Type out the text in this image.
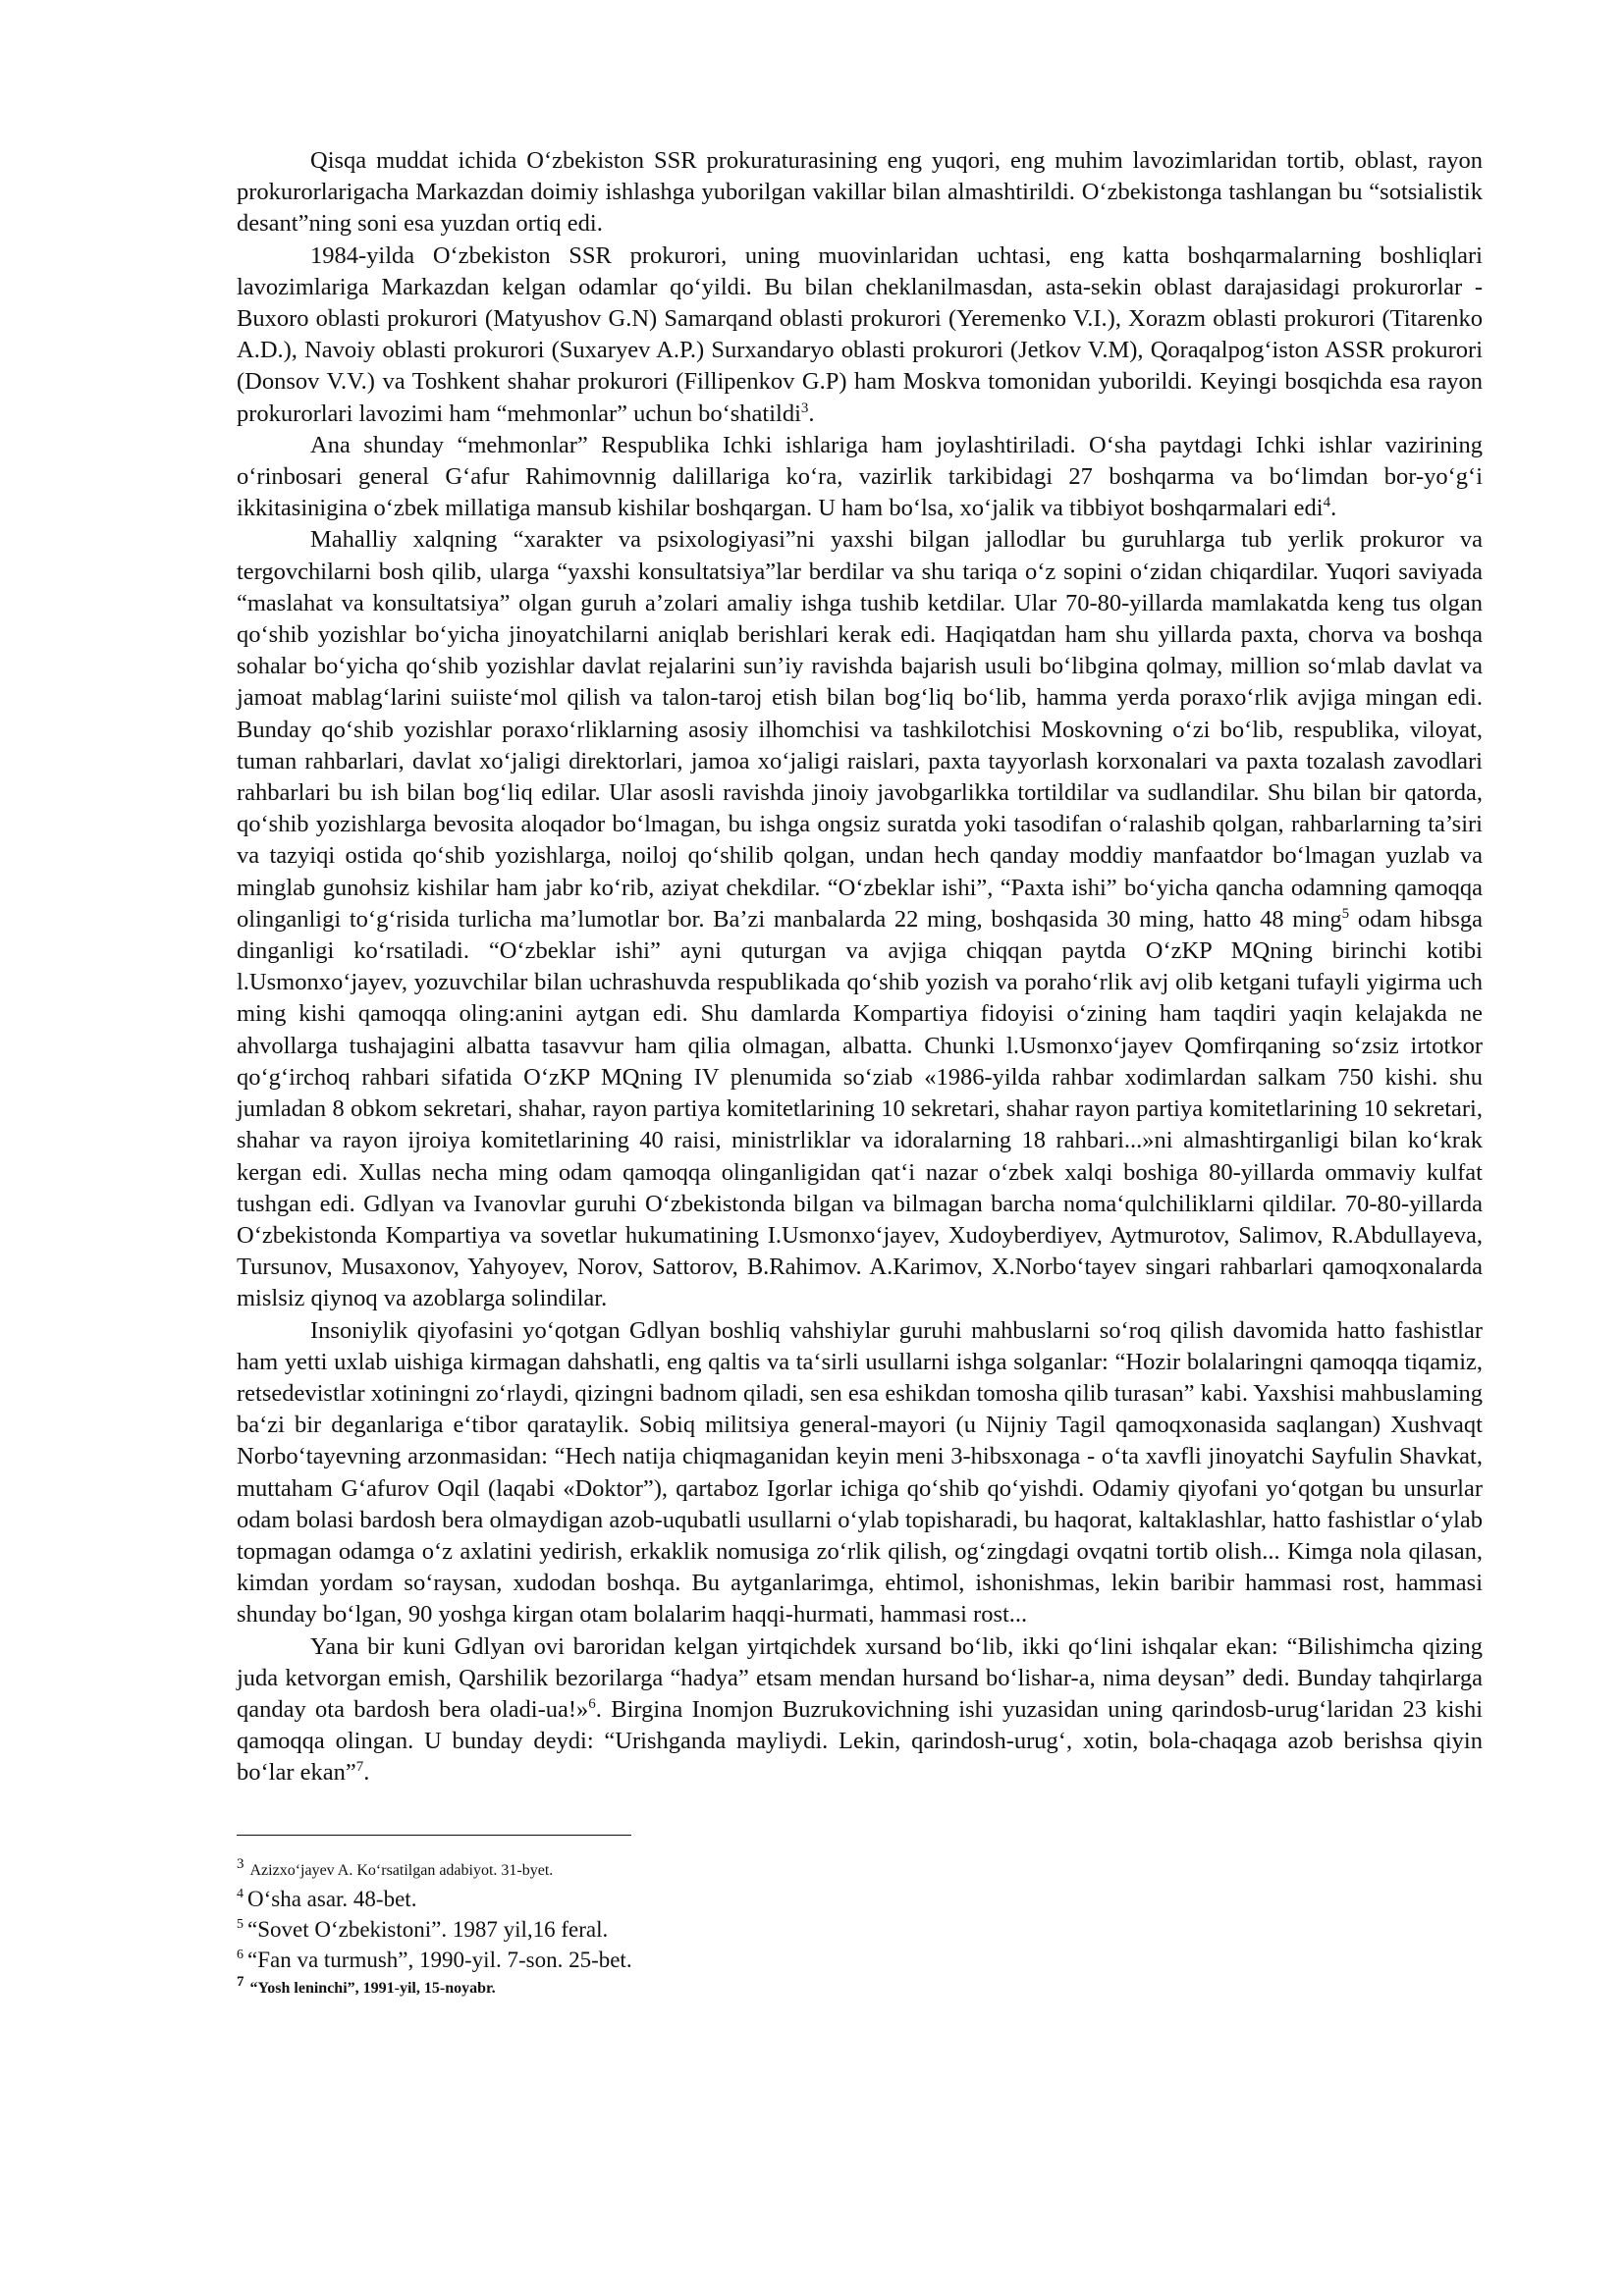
Qisqa muddat ichida O‘zbekiston SSR prokuraturasining eng yuqori, eng muhim lavozimlaridan tortib, oblast, rayon prokurorlarigacha Markazdan doimiy ishlashga yuborilgan vakillar bilan almashtirildi. O‘zbekistonga tashlangan bu “sotsialistik desant”ning soni esa yuzdan ortiq edi.

1984-yilda O‘zbekiston SSR prokurori, uning muovinlaridan uchtasi, eng katta boshqarmalarning boshliqlari lavozimlariga Markazdan kelgan odamlar qo‘yildi. Bu bilan cheklanilmasdan, asta-sekin oblast darajasidagi prokurorlar - Buxoro oblasti prokurori (Matyushov G.N) Samarqand oblasti prokurori (Yeremenko V.I.), Xorazm oblasti prokurori (Titarenko A.D.), Navoiy oblasti prokurori (Suxaryev A.P.) Surxandaryo oblasti prokurori (Jetkov V.M), Qoraqalpog‘iston ASSR prokurori (Donsov V.V.) va Toshkent shahar prokurori (Fillipenkov G.P) ham Moskva tomonidan yuborildi. Keyingi bosqichda esa rayon prokurorlari lavozimi ham “mehmonlar” uchun bo‘shatildi$^3$.

Ana shunday “mehmonlar” Respublika Ichki ishlariga ham joylashtiriladi. O‘sha paytdagi Ichki ishlar vazirining o‘rinbosari general G‘afur Rahimovnnig dalillariga ko‘ra, vazirlik tarkibidagi 27 boshqarma va bo‘limdan bor-yo‘g‘i ikkitasinigina o‘zbek millatiga mansub kishilar boshqargan. U ham bo‘lsa, xo‘jalik va tibbiyot boshqarmalari edi$^4$.

Mahalliy xalqning “xarakter va psixologiyasi”ni yaxshi bilgan jallodlar bu guruhlarga tub yerlik prokuror va tergovchilarni bosh qilib, ularga “yaxshi konsultatsiya”lar berdilar va shu tariqa o‘z sopini o‘zidan chiqardilar. Yuqori saviyada “maslahat va konsultatsiya” olgan guruh a’zolari amaliy ishga tushib ketdilar. Ular 70-80-yillarda mamlakatda keng tus olgan qo‘shib yozishlar bo‘yicha jinoyatchilarni aniqlab berishlari kerak edi. Haqiqatdan ham shu yillarda paxta, chorva va boshqa sohalar bo‘yicha qo‘shib yozishlar davlat rejalarini sun’iy ravishda bajarish usuli bo‘libgina qolmay, million so‘mlab davlat va jamoat mablag‘larini suiiste‘mol qilish va talon-taroj etish bilan bog‘liq bo‘lib, hamma yerda poraxo‘rlik avjiga mingan edi. Bunday qo‘shib yozishlar poraxo‘rliklarning asosiy ilhomchisi va tashkilotchisi Moskovning o‘zi bo‘lib, respublika, viloyat, tuman rahbarlari, davlat xo‘jaligi direktorlari, jamoa xo‘jaligi raislari, paxta tayyorlash korxonalari va paxta tozalash zavodlari rahbarlari bu ish bilan bog‘liq edilar. Ular asosli ravishda jinoiy javobgarlikka tortildilar va sudlandilar. Shu bilan bir qatorda, qo‘shib yozishlarga bevosita aloqador bo‘lmagan, bu ishga ongsiz suratda yoki tasodifan o‘ralashib qolgan, rahbarlarning ta’siri va tazyiqi ostida qo‘shib yozishlarga, noiloj qo‘shilib qolgan, undan hech qanday moddiy manfaatdor bo‘lmagan yuzlab va minglab gunohsiz kishilar ham jabr ko‘rib, aziyat chekdilar. “O‘zbeklar ishi”, “Paxta ishi” bo‘yicha qancha odamning qamoqqa olinganligi to‘g‘risida turlicha ma’lumotlar bor. Ba’zi manbalarda 22 ming, boshqasida 30 ming, hatto 48 ming$^5$ odam hibsga dinganligi ko‘rsatiladi. “O‘zbeklar ishi” ayni quturgan va avjiga chiqqan paytda O‘zKP MQning birinchi kotibi l.Usmonxo‘jayev, yozuvchilar bilan uchrashuvda respublikada qo‘shib yozish va poraho‘rlik avj olib ketgani tufayli yigirma uch ming kishi qamoqqa oling:anini aytgan edi. Shu damlarda Kompartiya fidoyisi o‘zining ham taqdiri yaqin kelajakda ne ahvollarga tushajagini albatta tasavvur ham qilia olmagan, albatta. Chunki l.Usmonxo‘jayev Qomfirqaning so‘zsiz irtotkor qo‘g‘irchoq rahbari sifatida O‘zKP MQning IV plenumida so‘ziab «1986-yilda rahbar xodimlardan salkam 750 kishi. shu jumladan 8 obkom sekretari, shahar, rayon partiya komitetlarining 10 sekretari, shahar rayon partiya komitetlarining 10 sekretari, shahar va rayon ijroiya komitetlarining 40 raisi, ministrliklar va idoralarning 18 rahbari...»ni almashtirganligi bilan ko‘krak kergan edi. Xullas necha ming odam qamoqqa olinganligidan qat‘i nazar o‘zbek xalqi boshiga 80-yillarda ommaviy kulfat tushgan edi. Gdlyan va Ivanovlar guruhi O‘zbekistonda bilgan va bilmagan barcha noma‘qulchiliklarni qildilar. 70-80-yillarda O‘zbekistonda Kompartiya va sovetlar hukumatining I.Usmonxo‘jayev, Xudoyberdiyev, Aytmurotov, Salimov, R.Abdullayeva, Tursunov, Musaxonov, Yahyoyev, Norov, Sattorov, B.Rahimov. A.Karimov, X.Norbo‘tayev singari rahbarlari qamoqxonalarda mislsiz qiynoq va azoblarga solindilar.

Insoniylik qiyofasini yo‘qotgan Gdlyan boshliq vahshiylar guruhi mahbuslarni so‘roq qilish davomida hatto fashistlar ham yetti uxlab uishiga kirmagan dahshatli, eng qaltis va ta‘sirli usullarni ishga solganlar: “Hozir bolalaringni qamoqqa tiqamiz, retsedevistlar xotiningni zo‘rlaydi, qizingni badnom qiladi, sen esa eshikdan tomosha qilib turasan” kabi. Yaxshisi mahbuslaming ba‘zi bir deganlariga e‘tibor qarataylik. Sobiq militsiya general-mayori (u Nijniy Tagil qamoqxonasida saqlangan) Xushvaqt Norbo‘tayevning arzonmasidan: “Hech natija chiqmaganidan keyin meni 3-hibsxonaga - o‘ta xavfli jinoyatchi Sayfulin Shavkat, muttaham G‘afurov Oqil (laqabi «Doktor”), qartaboz Igorlar ichiga qo‘shib qo‘yishdi. Odamiy qiyofani yo‘qotgan bu unsurlar odam bolasi bardosh bera olmaydigan azob-uqubatli usullarni o‘ylab topisharadi, bu haqorat, kaltaklashlar, hatto fashistlar o‘ylab topmagan odamga o‘z axlatini yedirish, erkaklik nomusiga zo‘rlik qilish, og‘zingdagi ovqatni tortib olish... Kimga nola qilasan, kimdan yordam so‘raysan, xudodan boshqa. Bu aytganlarimga, ehtimol, ishonishmas, lekin baribir hammasi rost, hammasi shunday bo‘lgan, 90 yoshga kirgan otam bolalarim haqqi-hurmati, hammasi rost...

Yana bir kuni Gdlyan ovi baroridan kelgan yirtqichdek xursand bo‘lib, ikki qo‘lini ishqalar ekan: “Bilishimcha qizing juda ketvorgan emish, Qarshilik bezorilarga “hadya” etsam mendan hursand bo‘lishar-a, nima deysan” dedi. Bunday tahqirlarga qanday ota bardosh bera oladi-ua!»$^6$. Birgina Inomjon Buzrukovichning ishi yuzasidan uning qarindosb-urug‘laridan 23 kishi qamoqqa olingan. U bunday deydi: “Urishganda mayliydi. Lekin, qarindosh-urug‘, xotin, bola-chaqaga azob berishsa qiyin bo‘lar ekan”$^7$.

3 Azizxo‘jayev A. Ko‘rsatilgan adabiyot. 31-byet.

$^4$ O‘sha asar. 48-bet.

$^5$ “Sovet O‘zbekistoni”. 1987 yil,16 feral.

$^6$ “Fan va turmush”, 1990-yil. 7-son. 25-bet.

7 “Yosh leninchi”, 1991-yil, 15-noyabr.
